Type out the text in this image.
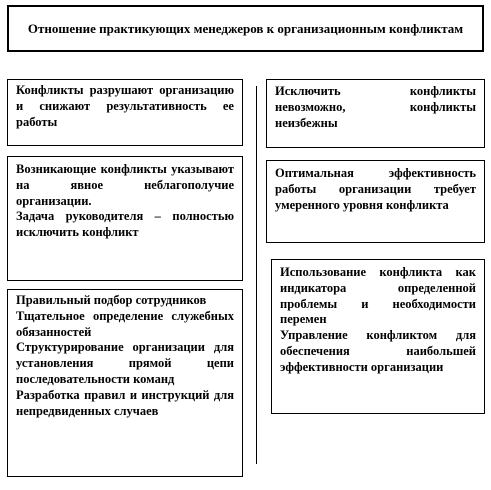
Отношение практикующих менеджеров к организационным конфликтам

Конфликты разрушают организацию и снижают результативность ее работы

Возникающие конфликты указывают на явное неблагополучие организации.

Задача руководителя – полностью исключить конфликт

Правильный подбор сотрудников

Тщательное определение служебных обязанностей

Структурирование организации для установления прямой цепи последовательности команд

Разработка правил и инструкций для непредвиденных случаев

Исключить конфликты невозможно, конфликты неизбежны

Оптимальная эффективность работы организации требует умеренного уровня конфликта

Использование конфликта как индикатора определенной проблемы и необходимости перемен

Управление конфликтом для обеспечения наибольшей эффективности организации
